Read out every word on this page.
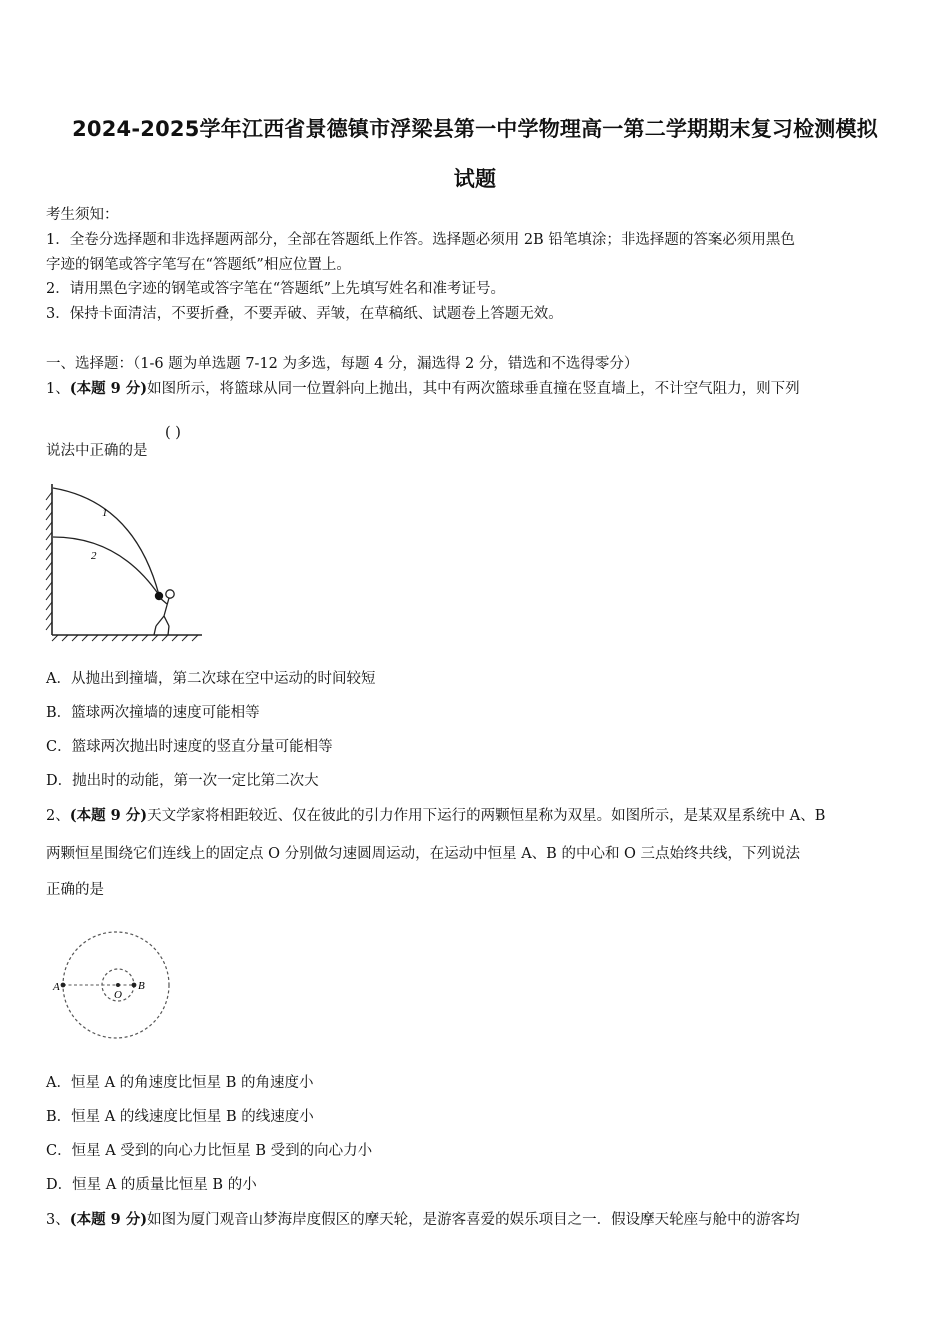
2024-2025学年江西省景德镇市浮梁县第一中学物理高一第二学期期末复习检测模拟
试题
考生须知：
1．全卷分选择题和非选择题两部分，全部在答题纸上作答。选择题必须用 2B 铅笔填涂；非选择题的答案必须用黑色
字迹的钢笔或答字笔写在“答题纸”相应位置上。
2．请用黑色字迹的钢笔或答字笔在“答题纸”上先填写姓名和准考证号。
3．保持卡面清洁，不要折叠，不要弄破、弄皱，在草稿纸、试题卷上答题无效。
一、选择题：（1-6 题为单选题 7-12 为多选，每题 4 分，漏选得 2 分，错选和不选得零分）
1、(本题 9 分)如图所示，将篮球从同一位置斜向上抛出，其中有两次篮球垂直撞在竖直墙上，不计空气阻力，则下列
说法中正确的是
( )
1
2
A．从抛出到撞墙，第二次球在空中运动的时间较短
B．篮球两次撞墙的速度可能相等
C．篮球两次抛出时速度的竖直分量可能相等
D．抛出时的动能，第一次一定比第二次大
2、(本题 9 分)天文学家将相距较近、仅在彼此的引力作用下运行的两颗恒星称为双星。如图所示，是某双星系统中 A、B
两颗恒星围绕它们连线上的固定点 O 分别做匀速圆周运动，在运动中恒星 A、B 的中心和 O 三点始终共线，下列说法
正确的是
A
O
B
A．恒星 A 的角速度比恒星 B 的角速度小
B．恒星 A 的线速度比恒星 B 的线速度小
C．恒星 A 受到的向心力比恒星 B 受到的向心力小
D．恒星 A 的质量比恒星 B 的小
3、(本题 9 分)如图为厦门观音山梦海岸度假区的摩天轮，是游客喜爱的娱乐项目之一．假设摩天轮座与舱中的游客均
